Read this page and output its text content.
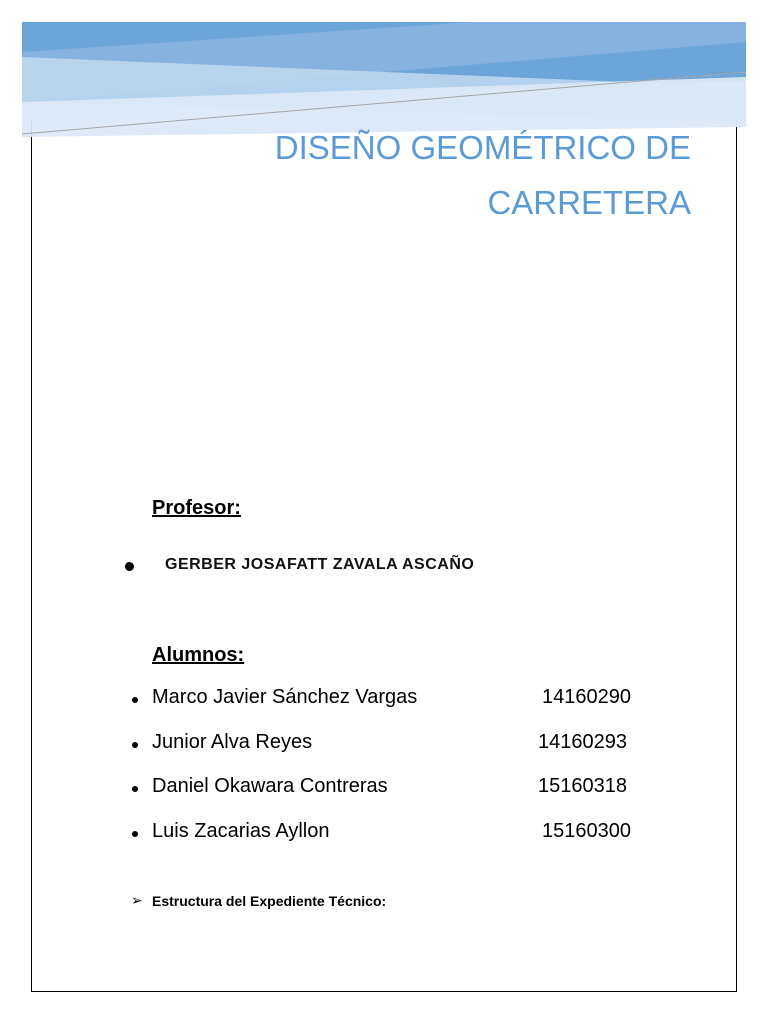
DISEÑO GEOMÉTRICO DE
CARRETERA
Profesor:
GERBER JOSAFATT ZAVALA ASCAÑO
Alumnos:
Marco Javier Sánchez Vargas	14160290
Junior Alva Reyes	14160293
Daniel Okawara Contreras	15160318
Luis Zacarias Ayllon	15160300
➢ Estructura del Expediente Técnico:
